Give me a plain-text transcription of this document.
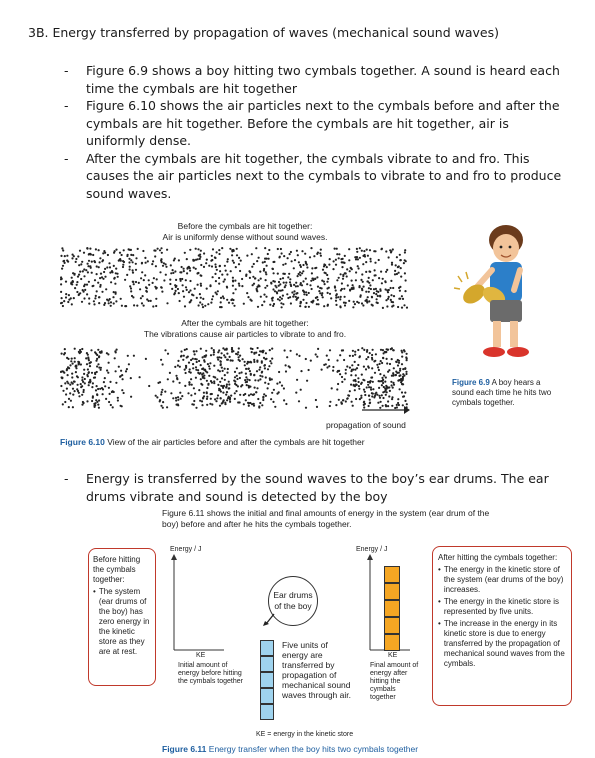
3B. Energy transferred by propagation of waves (mechanical sound waves)
- Figure 6.9 shows a boy hitting two cymbals together. A sound is heard each time the cymbals are hit together
- Figure 6.10 shows the air particles next to the cymbals before and after the cymbals are hit together. Before the cymbals are hit together, air is uniformly dense.
- After the cymbals are hit together, the cymbals vibrate to and fro. This causes the air particles next to the cymbals to vibrate to and fro to produce sound waves.
Before the cymbals are hit together:
Air is uniformly dense without sound waves.
After the cymbals are hit together:
The vibrations cause air particles to vibrate to and fro.
propagation of sound
Figure 6.10 View of the air particles before and after the cymbals are hit together
Figure 6.9 A boy hears a sound each time he hits two cymbals together.
- Energy is transferred by the sound waves to the boy’s ear drums. The ear drums vibrate and sound is detected by the boy
Figure 6.11 shows the initial and final amounts of energy in the system (ear drum of the boy) before and after he hits the cymbals together.
Before hitting the cymbals together:
• The system (ear drums of the boy) has zero energy in the kinetic store as they are at rest.
Energy / J
KE
Initial amount of energy before hitting the cymbals together
Ear drums of the boy
Five units of energy are transferred by propagation of mechanical sound waves through air.
Energy / J
KE
Final amount of energy after hitting the cymbals together
After hitting the cymbals together:
• The energy in the kinetic store of the system (ear drums of the boy) increases.
• The energy in the kinetic store is represented by five units.
• The increase in the energy in its kinetic store is due to energy transferred by the propagation of mechanical sound waves from the cymbals.
KE = energy in the kinetic store
Figure 6.11 Energy transfer when the boy hits two cymbals together
